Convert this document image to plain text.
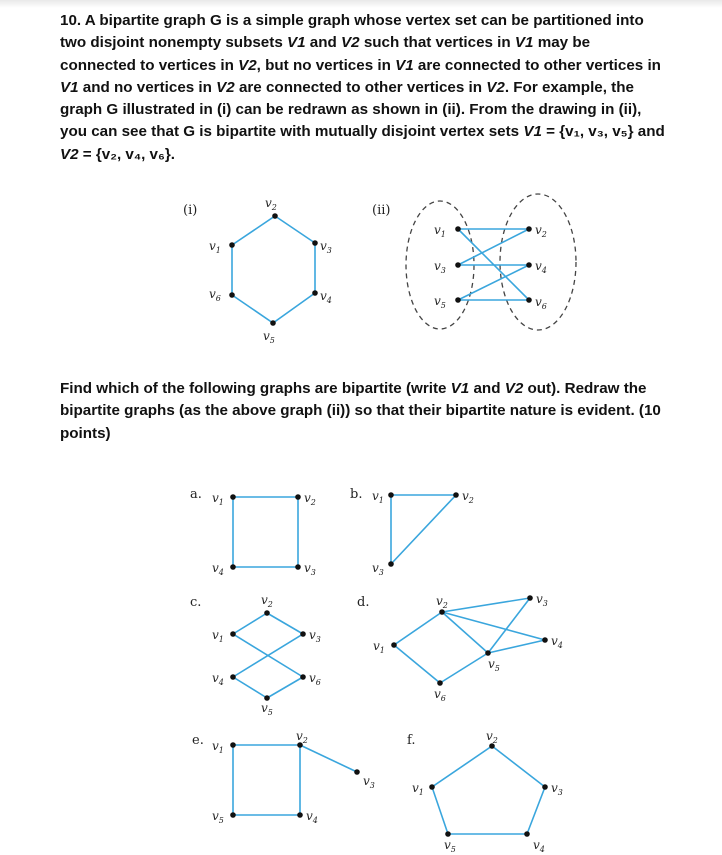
10. A bipartite graph G is a simple graph whose vertex set can be partitioned into two disjoint nonempty subsets V1 and V2 such that vertices in V1 may be connected to vertices in V2, but no vertices in V1 are connected to other vertices in V1 and no vertices in V2 are connected to other vertices in V2. For example, the graph G illustrated in (i) can be redrawn as shown in (ii). From the drawing in (ii), you can see that G is bipartite with mutually disjoint vertex sets V1 = {v₁, v₃, v₅} and V2 = {v₂, v₄, v₆}.

Find which of the following graphs are bipartite (write V1 and V2 out). Redraw the bipartite graphs (as the above graph (ii)) so that their bipartite nature is evident. (10 points)

(i)	(ii)
a.	b.
c.	d.
e.	f.
$v_2$
$v_3$
$v_4$
$v_5$
$v_6$
$v_1$
$v_1$
$v_3$
$v_5$
$v_2$
$v_4$
$v_6$
$v_1$	$v_2$
$v_3$
$v_4$
$v_1$	$v_2$
$v_3$
$v_2$
$v_1$	$v_3$
$v_4$	$v_6$
$v_5$
$v_1$
$v_2$	$v_3$
$v_4$
$v_5$
$v_6$
$v_1$
$v_2$
$v_3$
$v_4$
$v_5$
$v_2$
$v_1$	$v_3$
$v_4$
$v_5$
